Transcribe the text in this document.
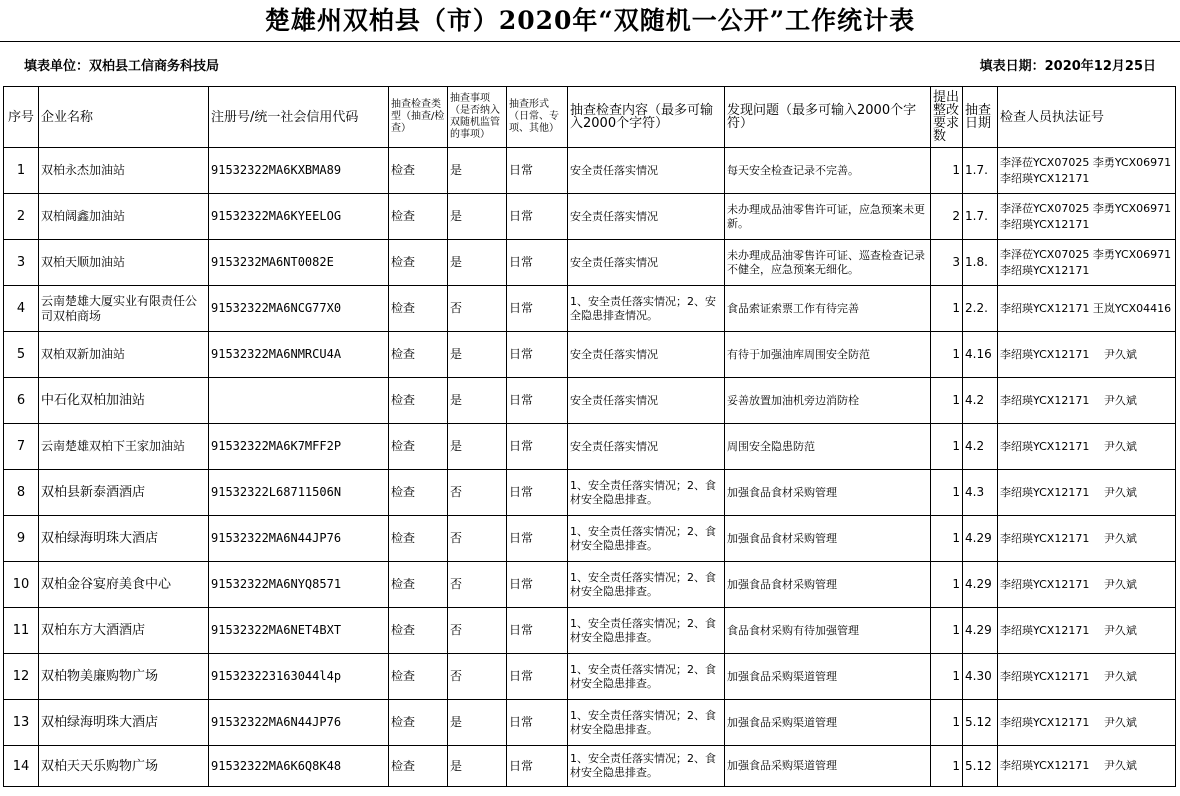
楚雄州双柏县（市）2020年“双随机一公开”工作统计表
填表单位：双柏县工信商务科技局	填表日期：2020年12月25日
序号	企业名称	注册号/统一社会信用代码	抽查检查类型（抽查/检查）	抽查事项（是否纳入双随机监管的事项）	抽查形式（日常、专项、其他）	抽查检查内容（最多可输入2000个字符）	发现问题（最多可输入2000个字符）	提出整改要求数	抽查日期	检查人员执法证号
1	双柏永杰加油站	91532322MA6KXBMA89	检查	是	日常	安全责任落实情况	每天安全检查记录不完善。	1	1.7.	李泽莅YCX07025 李勇YCX06971 李绍瑛YCX12171
2	双柏阔鑫加油站	91532322MA6KYEELOG	检查	是	日常	安全责任落实情况	未办理成品油零售许可证，应急预案未更新。	2	1.7.	李泽莅YCX07025 李勇YCX06971 李绍瑛YCX12171
3	双柏天顺加油站	9153232MA6NT0082E	检查	是	日常	安全责任落实情况	未办理成品油零售许可证、巡查检查记录不健全，应急预案无细化。	3	1.8.	李泽莅YCX07025 李勇YCX06971 李绍瑛YCX12171
4	云南楚雄大厦实业有限责任公司双柏商场	91532322MA6NCG77X0	检查	否	日常	1、安全责任落实情况；2、安全隐患排查情况。	食品索证索票工作有待完善	1	2.2.	李绍瑛YCX12171 王岚YCX04416
5	双柏双新加油站	91532322MA6NMRCU4A	检查	是	日常	安全责任落实情况	有待于加强油库周围安全防范	1	4.16	李绍瑛YCX12171　 尹久斌
6	中石化双柏加油站		检查	是	日常	安全责任落实情况	妥善放置加油机旁边消防栓	1	4.2	李绍瑛YCX12171　 尹久斌
7	云南楚雄双柏下王家加油站	91532322MA6K7MFF2P	检查	是	日常	安全责任落实情况	周围安全隐患防范	1	4.2	李绍瑛YCX12171　 尹久斌
8	双柏县新泰酒酒店	91532322L68711506N	检查	否	日常	1、安全责任落实情况；2、食材安全隐患排查。	加强食品食材采购管理	1	4.3	李绍瑛YCX12171　 尹久斌
9	双柏绿海明珠大酒店	91532322MA6N44JP76	检查	否	日常	1、安全责任落实情况；2、食材安全隐患排查。	加强食品食材采购管理	1	4.29	李绍瑛YCX12171　 尹久斌
10	双柏金谷宴府美食中心	91532322MA6NYQ8571	检查	否	日常	1、安全责任落实情况；2、食材安全隐患排查。	加强食品食材采购管理	1	4.29	李绍瑛YCX12171　 尹久斌
11	双柏东方大酒酒店	91532322MA6NET4BXT	检查	否	日常	1、安全责任落实情况；2、食材安全隐患排查。	食品食材采购有待加强管理	1	4.29	李绍瑛YCX12171　 尹久斌
12	双柏物美廉购物广场	915323223163044l4p	检查	否	日常	1、安全责任落实情况；2、食材安全隐患排查。	加强食品采购渠道管理	1	4.30	李绍瑛YCX12171　 尹久斌
13	双柏绿海明珠大酒店	91532322MA6N44JP76	检查	是	日常	1、安全责任落实情况；2、食材安全隐患排查。	加强食品采购渠道管理	1	5.12	李绍瑛YCX12171　 尹久斌
14	双柏天天乐购物广场	91532322MA6K6Q8K48	检查	是	日常	1、安全责任落实情况；2、食材安全隐患排查。	加强食品采购渠道管理	1	5.12	李绍瑛YCX12171　 尹久斌
